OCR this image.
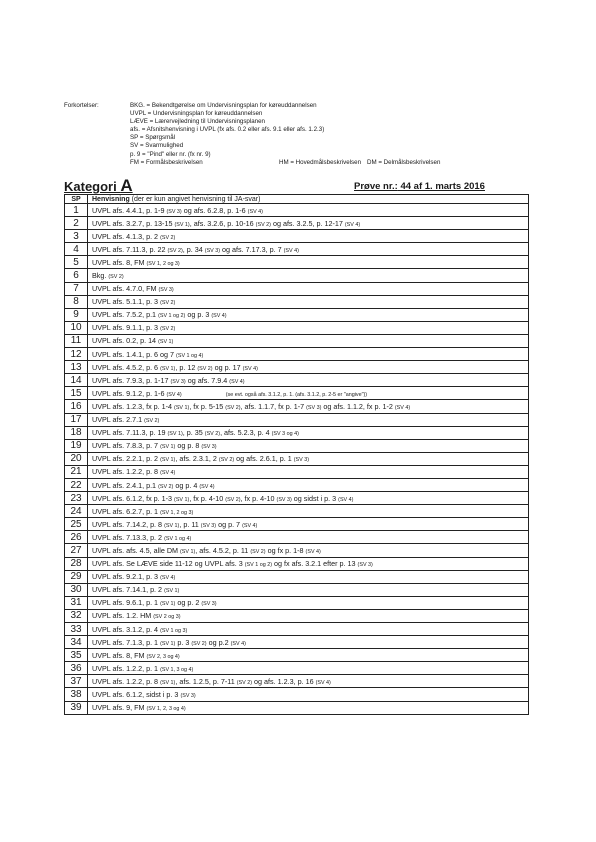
Forkortelser:	BKG. = Bekendtgørelse om Undervisningsplan for køreuddannelsen
UVPL = Undervisningsplan for køreuddannelsen
LÆVE = Lærervejledning til Undervisningsplanen
afs. = Afsnitshenvisning i UVPL (fx afs. 0.2 eller afs. 9.1 eller afs. 1.2.3)
SP = Spørgsmål
SV = Svarmulighed
p. 9 = "Pind" eller nr. (fx nr. 9)
FM = Formålsbeskrivelsen	HM = Hovedmålsbeskrivelsen DM = Delmålsbeskrivelsen
Kategori A	Prøve nr.: 44 af 1. marts 2016
SP	Henvisning (der er kun angivet henvisning til JA-svar)
1	UVPL afs. 4.4.1, p. 1-9 (SV 3) og afs. 6.2.8, p. 1-6 (SV 4)
2	UVPL afs. 3.2.7, p. 13-15 (SV 1), afs. 3.2.6, p. 10-16 (SV 2) og afs. 3.2.5, p. 12-17 (SV 4)
3	UVPL afs. 4.1.3, p. 2 (SV 2)
4	UVPL afs. 7.11.3, p. 22 (SV 2), p. 34 (SV 3) og afs. 7.17.3, p. 7 (SV 4)
5	UVPL afs. 8, FM (SV 1, 2 og 3)
6	Bkg. (SV 2)
7	UVPL afs. 4.7.0, FM (SV 3)
8	UVPL afs. 5.1.1, p. 3 (SV 2)
9	UVPL afs. 7.5.2, p.1 (SV 1 og 2) og p. 3 (SV 4)
10	UVPL afs. 9.1.1, p. 3 (SV 2)
11	UVPL afs. 0.2, p. 14 (SV 1)
12	UVPL afs. 1.4.1, p. 6 og 7 (SV 1 og 4)
13	UVPL afs. 4.5.2, p. 6 (SV 1), p. 12 (SV 2) og p. 17 (SV 4)
14	UVPL afs. 7.9.3, p. 1-17 (SV 3) og afs. 7.9.4 (SV 4)
15	UVPL afs. 9.1.2, p. 1-6 (SV 4) (se evt. også afs. 3.1.2, p. 1. (afs. 3.1.2, p. 2-5 er "angive"))
16	UVPL afs. 1.2.3, fx p. 1-4 (SV 1), fx p. 5-15 (SV 2), afs. 1.1.7, fx p. 1-7 (SV 3) og afs. 1.1.2, fx p. 1-2 (SV 4)
17	UVPL afs. 2.7.1 (SV 2)
18	UVPL afs. 7.11.3, p. 19 (SV 1), p. 35 (SV 2), afs. 5.2.3, p. 4 (SV 3 og 4)
19	UVPL afs. 7.8.3, p. 7 (SV 1) og p. 8 (SV 3)
20	UVPL afs. 2.2.1, p. 2 (SV 1), afs. 2.3.1, 2 (SV 2) og afs. 2.6.1, p. 1 (SV 3)
21	UVPL afs. 1.2.2, p. 8 (SV 4)
22	UVPL afs. 2.4.1, p.1 (SV 2) og p. 4 (SV 4)
23	UVPL afs. 6.1.2, fx p. 1-3 (SV 1), fx p. 4-10 (SV 2), fx p. 4-10 (SV 3) og sidst i p. 3 (SV 4)
24	UVPL afs. 6.2.7, p. 1 (SV 1, 2 og 3)
25	UVPL afs. 7.14.2, p. 8 (SV 1), p. 11 (SV 3) og p. 7 (SV 4)
26	UVPL afs. 7.13.3, p. 2 (SV 1 og 4)
27	UVPL afs. afs. 4.5, alle DM (SV 1), afs. 4.5.2, p. 11 (SV 2) og fx p. 1-8 (SV 4)
28	UVPL afs. Se LÆVE side 11-12 og UVPL afs. 3 (SV 1 og 2) og fx afs. 3.2.1 efter p. 13 (SV 3)
29	UVPL afs. 9.2.1, p. 3 (SV 4)
30	UVPL afs. 7.14.1, p. 2 (SV 1)
31	UVPL afs. 9.6.1, p. 1 (SV 1) og p. 2 (SV 3)
32	UVPL afs. 1.2. HM (SV 2 og 3)
33	UVPL afs. 3.1.2, p. 4 (SV 1 og 3)
34	UVPL afs. 7.1.3, p. 1 (SV 1) p. 3 (SV 2) og p.2 (SV 4)
35	UVPL afs. 8, FM (SV 2, 3 og 4)
36	UVPL afs. 1.2.2, p. 1 (SV 1, 3 og 4)
37	UVPL afs. 1.2.2, p. 8 (SV 1), afs. 1.2.5, p. 7-11 (SV 2) og afs. 1.2.3, p. 16 (SV 4)
38	UVPL afs. 6.1.2, sidst i p. 3 (SV 3)
39	UVPL afs. 9, FM (SV 1, 2, 3 og 4)
